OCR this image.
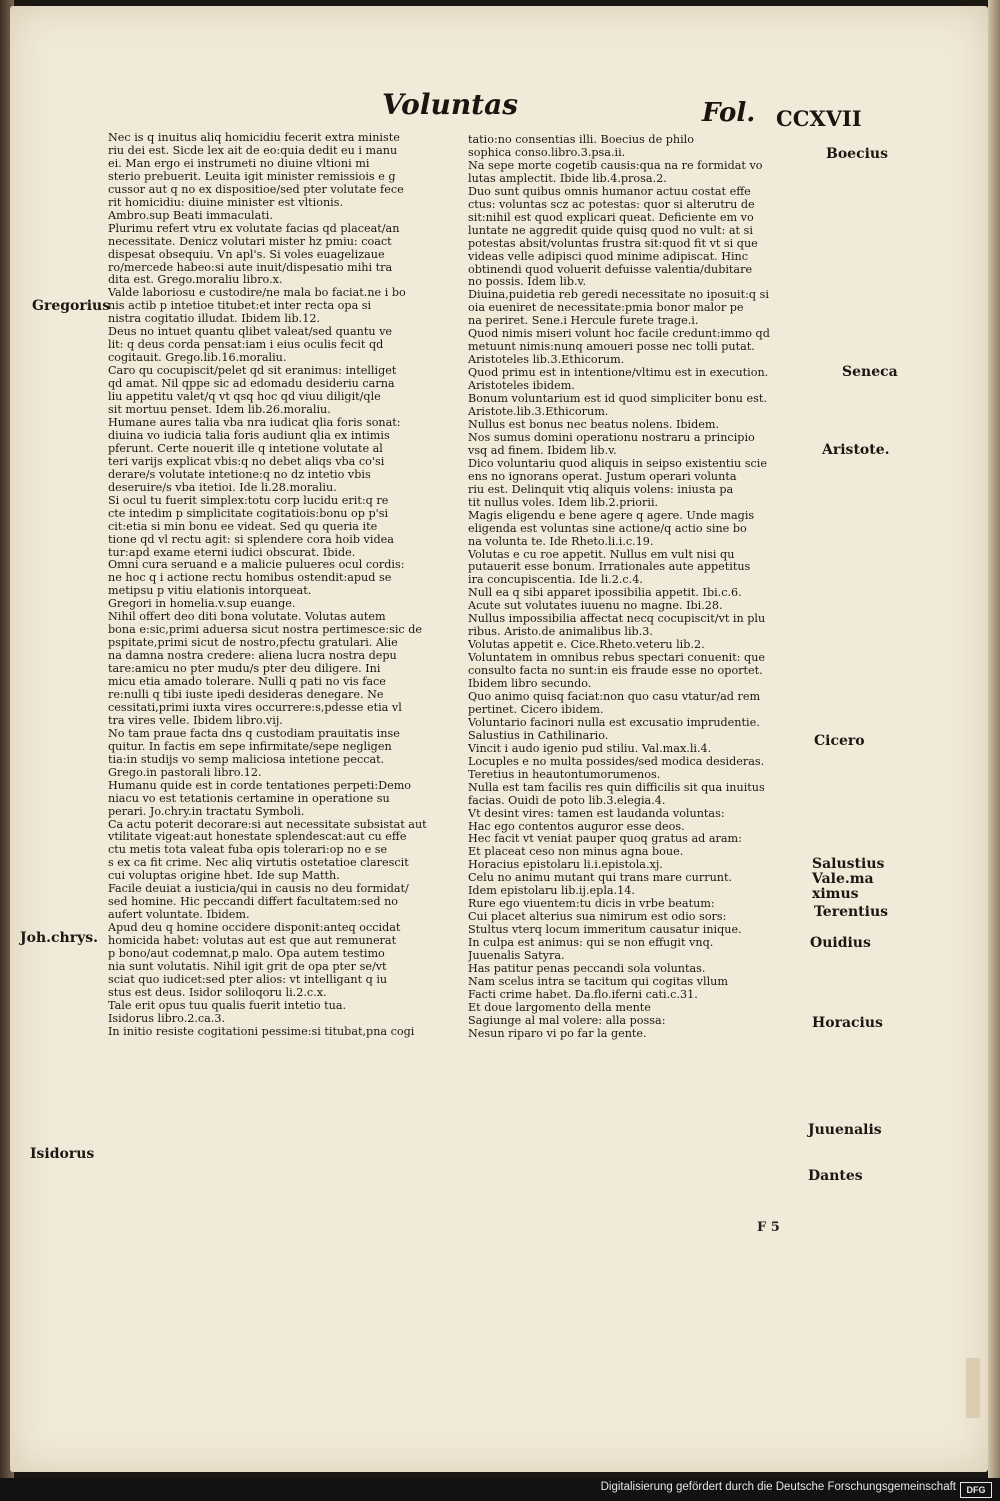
Voluntas	Fol. CCXVII
Nec is q inuitus aliq homicidiu fecerit extra ministe
riu dei est. Sicde lex ait de eo:quia dedit eu i manu
ei. Man ergo ei instrumeti no diuine vltioni mi
sterio prebuerit. Leuita igit minister remissiois e g
cussor aut q no ex dispositioe/sed pter volutate fece
rit homicidiu: diuine minister est vltionis.
Ambro.sup Beati immaculati.
Plurimu refert vtru ex volutate facias qd placeat/an
necessitate. Denicz volutari mister hz pmiu: coact
dispesat obsequiu. Vn apl's. Si voles euagelizaue
ro/mercede habeo:si aute inuit/dispesatio mihi tra
dita est. Grego.moraliu libro.x.
Valde laboriosu e custodire/ne mala bo faciat.ne i bo
nis actib p intetioe titubet:et inter recta opa si
nistra cogitatio illudat. Ibidem lib.12.
Deus no intuet quantu qlibet valeat/sed quantu ve
lit: q deus corda pensat:iam i eius oculis fecit qd
cogitauit. Grego.lib.16.moraliu.
Caro qu cocupiscit/pelet qd sit eranimus: intelliget
qd amat. Nil qppe sic ad edomadu desideriu carna
liu appetitu valet/q vt qsq hoc qd viuu diligit/qle
sit mortuu penset. Idem lib.26.moraliu.
Humane aures talia vba nra iudicat qlia foris sonat:
diuina vo iudicia talia foris audiunt qlia ex intimis
pferunt. Certe nouerit ille q intetione volutate al
teri varijs explicat vbis:q no debet aliqs vba co'si
derare/s volutate intetione:q no dz intetio vbis
deseruire/s vba itetioi. Ide li.28.moraliu.
Si ocul tu fuerit simplex:totu corp lucidu erit:q re
cte intedim p simplicitate cogitatiois:bonu op p'si
cit:etia si min bonu ee videat. Sed qu queria ite
tione qd vl rectu agit: si splendere cora hoib videa
tur:apd exame eterni iudici obscurat. Ibide.
Omni cura seruand e a malicie pulueres ocul cordis:
ne hoc q i actione rectu homibus ostendit:apud se
metipsu p vitiu elationis intorqueat.
Gregori in homelia.v.sup euange.
Nihil offert deo diti bona volutate. Volutas autem
bona e:sic,primi aduersa sicut nostra pertimesce:sic de
pspitate,primi sicut de nostro,pfectu gratulari. Alie
na damna nostra credere: aliena lucra nostra depu
tare:amicu no pter mudu/s pter deu diligere. Ini
micu etia amado tolerare. Nulli q pati no vis face
re:nulli q tibi iuste ipedi desideras denegare. Ne
cessitati,primi iuxta vires occurrere:s,pdesse etia vl
tra vires velle. Ibidem libro.vij.
No tam praue facta dns q custodiam prauitatis inse
quitur. In factis em sepe infirmitate/sepe negligen
tia:in studijs vo semp maliciosa intetione peccat.
Grego.in pastorali libro.12.
Humanu quide est in corde tentationes perpeti:Demo
niacu vo est tetationis certamine in operatione su
perari. Jo.chry.in tractatu Symboli.
Ca actu poterit decorare:si aut necessitate subsistat aut
vtilitate vigeat:aut honestate splendescat:aut cu effe
ctu metis tota valeat fuba opis tolerari:op no e se
s ex ca fit crime. Nec aliq virtutis ostetatioe clarescit
cui voluptas origine hbet. Ide sup Matth.
Facile deuiat a iusticia/qui in causis no deu formidat/
sed homine. Hic peccandi differt facultatem:sed no
aufert voluntate. Ibidem.
Apud deu q homine occidere disponit:anteq occidat
homicida habet: volutas aut est que aut remunerat
p bono/aut codemnat,p malo. Opa autem testimo
nia sunt volutatis. Nihil igit grit de opa pter se/vt
sciat quo iudicet:sed pter alios: vt intelligant q iu
stus est deus. Isidor soliloqoru li.2.c.x.
Tale erit opus tuu qualis fuerit intetio tua.
Isidorus libro.2.ca.3.
In initio resiste cogitationi pessime:si titubat,pna cogi
tatio:no consentias illi. Boecius de philo
sophica conso.libro.3.psa.ii.
Na sepe morte cogetib causis:qua na re formidat vo
lutas amplectit. Ibide lib.4.prosa.2.
Duo sunt quibus omnis humanor actuu costat effe
ctus: voluntas scz ac potestas: quor si alterutru de
sit:nihil est quod explicari queat. Deficiente em vo
luntate ne aggredit quide quisq quod no vult: at si
potestas absit/voluntas frustra sit:quod fit vt si que
videas velle adipisci quod minime adipiscat. Hinc
obtinendi quod voluerit defuisse valentia/dubitare
no possis. Idem lib.v.
Diuina,puidetia reb geredi necessitate no iposuit:q si
oia eueniret de necessitate:pmia bonor malor pe
na periret. Sene.i Hercule furete trage.i.
Quod nimis miseri volunt hoc facile credunt:immo qd
metuunt nimis:nunq amoueri posse nec tolli putat.
Aristoteles lib.3.Ethicorum.
Quod primu est in intentione/vltimu est in execution.
Aristoteles ibidem.
Bonum voluntarium est id quod simpliciter bonu est.
Aristote.lib.3.Ethicorum.
Nullus est bonus nec beatus nolens. Ibidem.
Nos sumus domini operationu nostraru a principio
vsq ad finem. Ibidem lib.v.
Dico voluntariu quod aliquis in seipso existentiu scie
ens no ignorans operat. Justum operari volunta
riu est. Delinquit vtiq aliquis volens: iniusta pa
tit nullus voles. Idem lib.2.priorii.
Magis eligendu e bene agere q agere. Unde magis
eligenda est voluntas sine actione/q actio sine bo
na volunta te. Ide Rheto.li.i.c.19.
Volutas e cu roe appetit. Nullus em vult nisi qu
putauerit esse bonum. Irrationales aute appetitus
ira concupiscentia. Ide li.2.c.4.
Null ea q sibi apparet ipossibilia appetit. Ibi.c.6.
Acute sut volutates iuuenu no magne. Ibi.28.
Nullus impossibilia affectat necq cocupiscit/vt in plu
ribus. Aristo.de animalibus lib.3.
Volutas appetit e. Cice.Rheto.veteru lib.2.
Voluntatem in omnibus rebus spectari conuenit: que
consulto facta no sunt:in eis fraude esse no oportet.
Ibidem libro secundo.
Quo animo quisq faciat:non quo casu vtatur/ad rem
pertinet. Cicero ibidem.
Voluntario facinori nulla est excusatio imprudentie.
Salustius in Cathilinario.
Vincit i audo igenio pud stiliu. Val.max.li.4.
Locuples e no multa possides/sed modica desideras.
Teretius in heautontumorumenos.
Nulla est tam facilis res quin difficilis sit qua inuitus
facias. Ouidi de poto lib.3.elegia.4.
Vt desint vires: tamen est laudanda voluntas:
Hac ego contentos auguror esse deos.
Hec facit vt veniat pauper quoq gratus ad aram:
Et placeat ceso non minus agna boue.
Horacius epistolaru li.i.epistola.xj.
Celu no animu mutant qui trans mare currunt.
Idem epistolaru lib.ij.epla.14.
Rure ego viuentem:tu dicis in vrbe beatum:
Cui placet alterius sua nimirum est odio sors:
Stultus vterq locum immeritum causatur inique.
In culpa est animus: qui se non effugit vnq.
Juuenalis Satyra.
Has patitur penas peccandi sola voluntas.
Nam scelus intra se tacitum qui cogitas vllum
Facti crime habet. Da.flo.iferni cati.c.31.
Et doue largomento della mente
Sagiunge al mal volere: alla possa:
Nesun riparo vi po far la gente.
Gregorius
Joh.chrys.
Isidorus
Boecius
Seneca
Aristote.
Cicero
Salustius
Vale.ma ximus
Terentius
Ouidius
Horacius
Juuenalis
Dantes
F 5
Digitalisierung gefördert durch die Deutsche Forschungsgemeinschaft	DFG
